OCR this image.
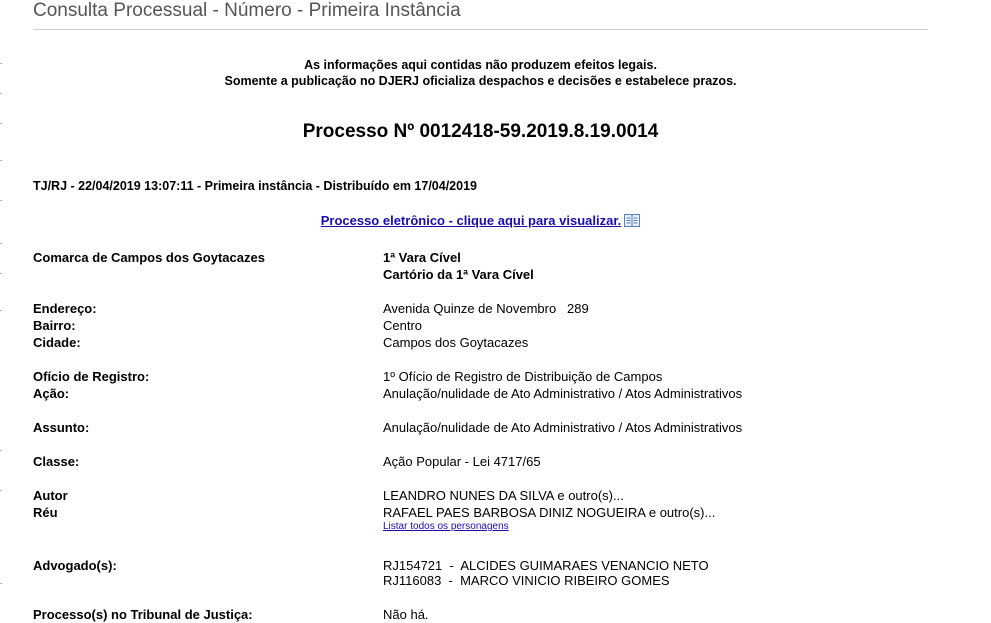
Consulta Processual - Número - Primeira Instância
As informações aqui contidas não produzem efeitos legais.
Somente a publicação no DJERJ oficializa despachos e decisões e estabelece prazos.
Processo Nº 0012418-59.2019.8.19.0014
TJ/RJ - 22/04/2019 13:07:11 - Primeira instância - Distribuído em 17/04/2019
Processo eletrônico - clique aqui para visualizar.
Comarca de Campos dos Goytacazes	1ª Vara Cível
Cartório da 1ª Vara Cível
Endereço:	Avenida Quinze de Novembro   289
Bairro:	Centro
Cidade:	Campos dos Goytacazes
Ofício de Registro:	1º Ofício de Registro de Distribuição de Campos
Ação:	Anulação/nulidade de Ato Administrativo / Atos Administrativos
Assunto:	Anulação/nulidade de Ato Administrativo / Atos Administrativos
Classe:	Ação Popular - Lei 4717/65
Autor	LEANDRO NUNES DA SILVA e outro(s)...
Réu	RAFAEL PAES BARBOSA DINIZ NOGUEIRA e outro(s)...
Listar todos os personagens
Advogado(s):	RJ154721  -  ALCIDES GUIMARAES VENANCIO NETO
RJ116083  -  MARCO VINICIO RIBEIRO GOMES
Processo(s) no Tribunal de Justiça:	Não há.
